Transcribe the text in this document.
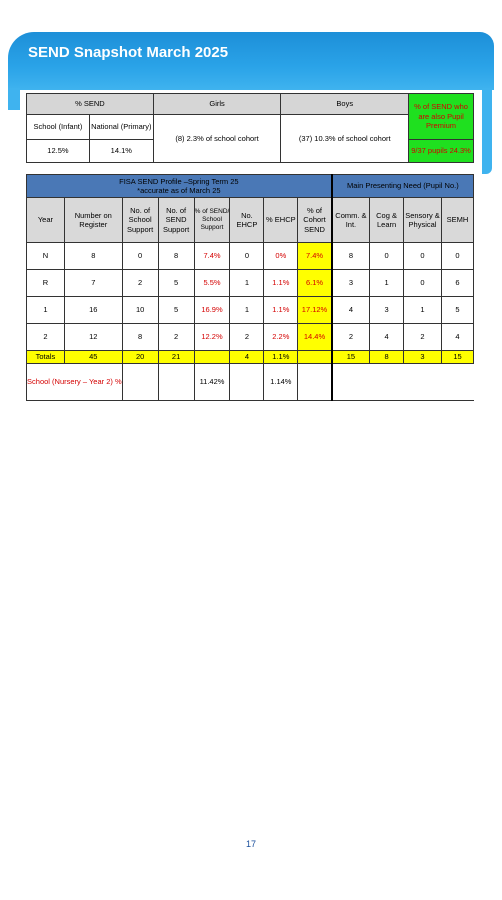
SEND Snapshot March 2025
% SEND		Girls	Boys	% of SEND who are also Pupil Premium
School (Infant)	National (Primary)	(8) 2.3% of school cohort	(37) 10.3% of school cohort	
12.5%	14.1%			9/37 pupils 24.3%
FISA SEND Profile –Spring Term 25
*accurate as of March 25								Main Presenting Need (Pupil No.)			
Year	Number on Register	No. of School Support	No. of SEND Support	% of SEND/ School Support	No. EHCP	% EHCP	% of Cohort SEND	Comm. & Int.	Cog & Learn	Sensory & Physical	SEMH
N	8	0	8	7.4%	0	0%	7.4%	8	0	0	0
R	7	2	5	5.5%	1	1.1%	6.1%	3	1	0	6
1	16	10	5	16.9%	1	1.1%	17.12%	4	3	1	5
2	12	8	2	12.2%	2	2.2%	14.4%	2	4	2	4
Totals	45	20	21		4	1.1%		15	8	3	15
School (Nursery – Year 2) %				11.42%		1.14%					
17
